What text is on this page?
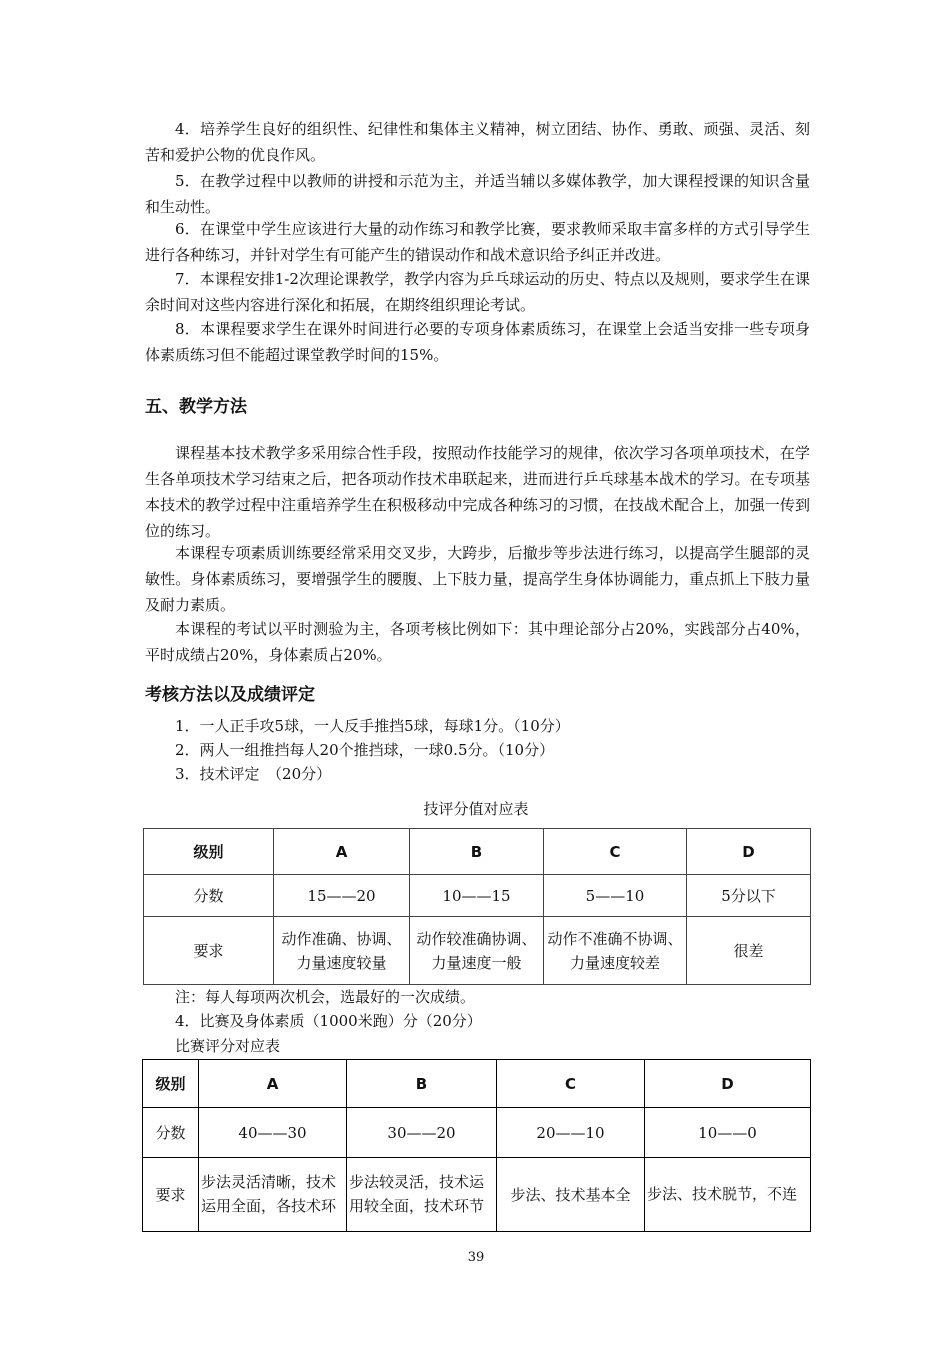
4．培养学生良好的组织性、纪律性和集体主义精神，树立团结、协作、勇敢、顽强、灵活、刻苦和爱护公物的优良作风。

5．在教学过程中以教师的讲授和示范为主，并适当辅以多媒体教学，加大课程授课的知识含量和生动性。

6．在课堂中学生应该进行大量的动作练习和教学比赛，要求教师采取丰富多样的方式引导学生进行各种练习，并针对学生有可能产生的错误动作和战术意识给予纠正并改进。

7．本课程安排1-2次理论课教学，教学内容为乒乓球运动的历史、特点以及规则，要求学生在课余时间对这些内容进行深化和拓展，在期终组织理论考试。

8．本课程要求学生在课外时间进行必要的专项身体素质练习，在课堂上会适当安排一些专项身体素质练习但不能超过课堂教学时间的15%。

五、教学方法

课程基本技术教学多采用综合性手段，按照动作技能学习的规律，依次学习各项单项技术，在学生各单项技术学习结束之后，把各项动作技术串联起来，进而进行乒乓球基本战术的学习。在专项基本技术的教学过程中注重培养学生在积极移动中完成各种练习的习惯，在技战术配合上，加强一传到位的练习。

本课程专项素质训练要经常采用交叉步，大跨步，后撤步等步法进行练习，以提高学生腿部的灵敏性。身体素质练习，要增强学生的腰腹、上下肢力量，提高学生身体协调能力，重点抓上下肢力量及耐力素质。

本课程的考试以平时测验为主，各项考核比例如下：其中理论部分占20%，实践部分占40%，平时成绩占20%，身体素质占20%。

考核方法以及成绩评定

1．一人正手攻5球，一人反手推挡5球，每球1分。（10分）

2．两人一组推挡每人20个推挡球，一球0.5分。（10分）

3．技术评定　（20分）

技评分值对应表
级别	A	B	C	D
分数	15——20	10——15	5——10	5分以下
要求	动作准确、协调、力量速度较量	动作较准确协调、力量速度一般	动作不准确不协调、力量速度较差	很差

注：每人每项两次机会，选最好的一次成绩。

4．比赛及身体素质（1000米跑）分（20分）

比赛评分对应表

级别	A	B	C	D
分数	40——30	30——20	20——10	10——0
要求	步法灵活清晰，技术运用全面，各技术环	步法较灵活，技术运用较全面，技术环节	步法、技术基本全	步法、技术脱节，不连
39
